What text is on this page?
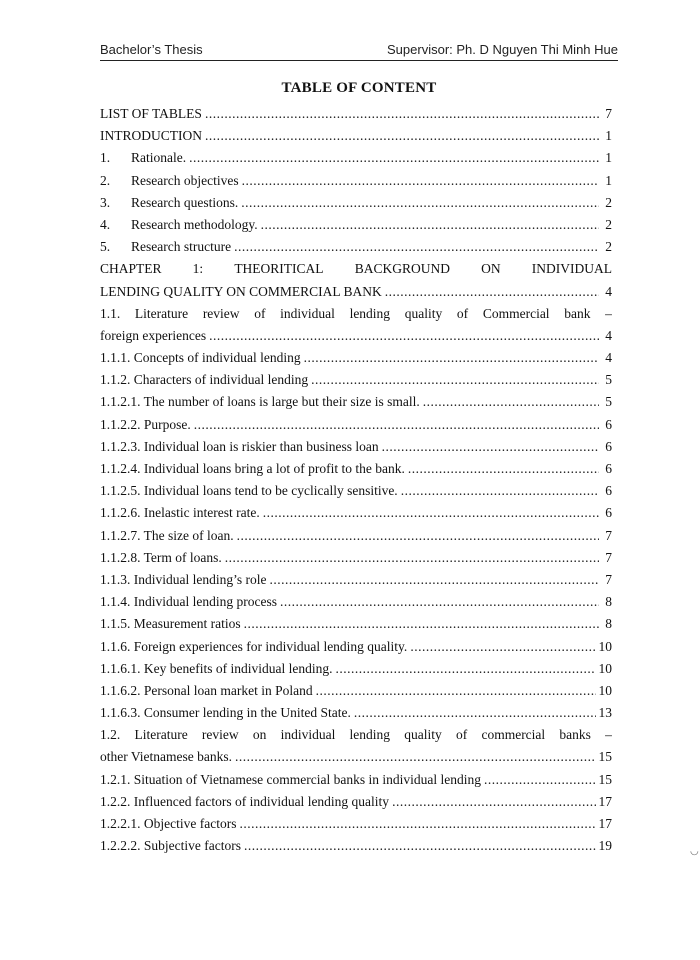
Bachelor’s Thesis	Supervisor: Ph. D Nguyen Thi Minh Hue
TABLE OF CONTENT
LIST OF TABLES .....	7
INTRODUCTION .....	1
1.	Rationale. .....	1
2.	Research objectives .....	1
3.	Research questions. .....	2
4.	Research methodology. .....	2
5.	Research structure .....	2
CHAPTER 1: THEORITICAL BACKGROUND ON INDIVIDUAL
LENDING QUALITY ON COMMERCIAL BANK .....	4
1.1. Literature review of individual lending quality of Commercial bank –
foreign experiences .....	4
1.1.1. Concepts of individual lending .....	4
1.1.2. Characters of individual lending .....	5
1.1.2.1. The number of loans is large but their size is small. .....	5
1.1.2.2. Purpose. .....	6
1.1.2.3. Individual loan is riskier than business loan .....	6
1.1.2.4. Individual loans bring a lot of profit to the bank. .....	6
1.1.2.5. Individual loans tend to be cyclically sensitive. .....	6
1.1.2.6. Inelastic interest rate. .....	6
1.1.2.7. The size of loan. .....	7
1.1.2.8. Term of loans. .....	7
1.1.3. Individual lending’s role .....	7
1.1.4. Individual lending process .....	8
1.1.5. Measurement ratios .....	8
1.1.6. Foreign experiences for individual lending quality. .....	10
1.1.6.1. Key benefits of individual lending. .....	10
1.1.6.2. Personal loan market in Poland .....	10
1.1.6.3. Consumer lending in the United State. .....	13
1.2. Literature review on individual lending quality of commercial banks –
other Vietnamese banks. .....	15
1.2.1. Situation of Vietnamese commercial banks in individual lending .....	15
1.2.2. Influenced factors of individual lending quality .....	17
1.2.2.1. Objective factors .....	17
1.2.2.2. Subjective factors .....	19	◡
